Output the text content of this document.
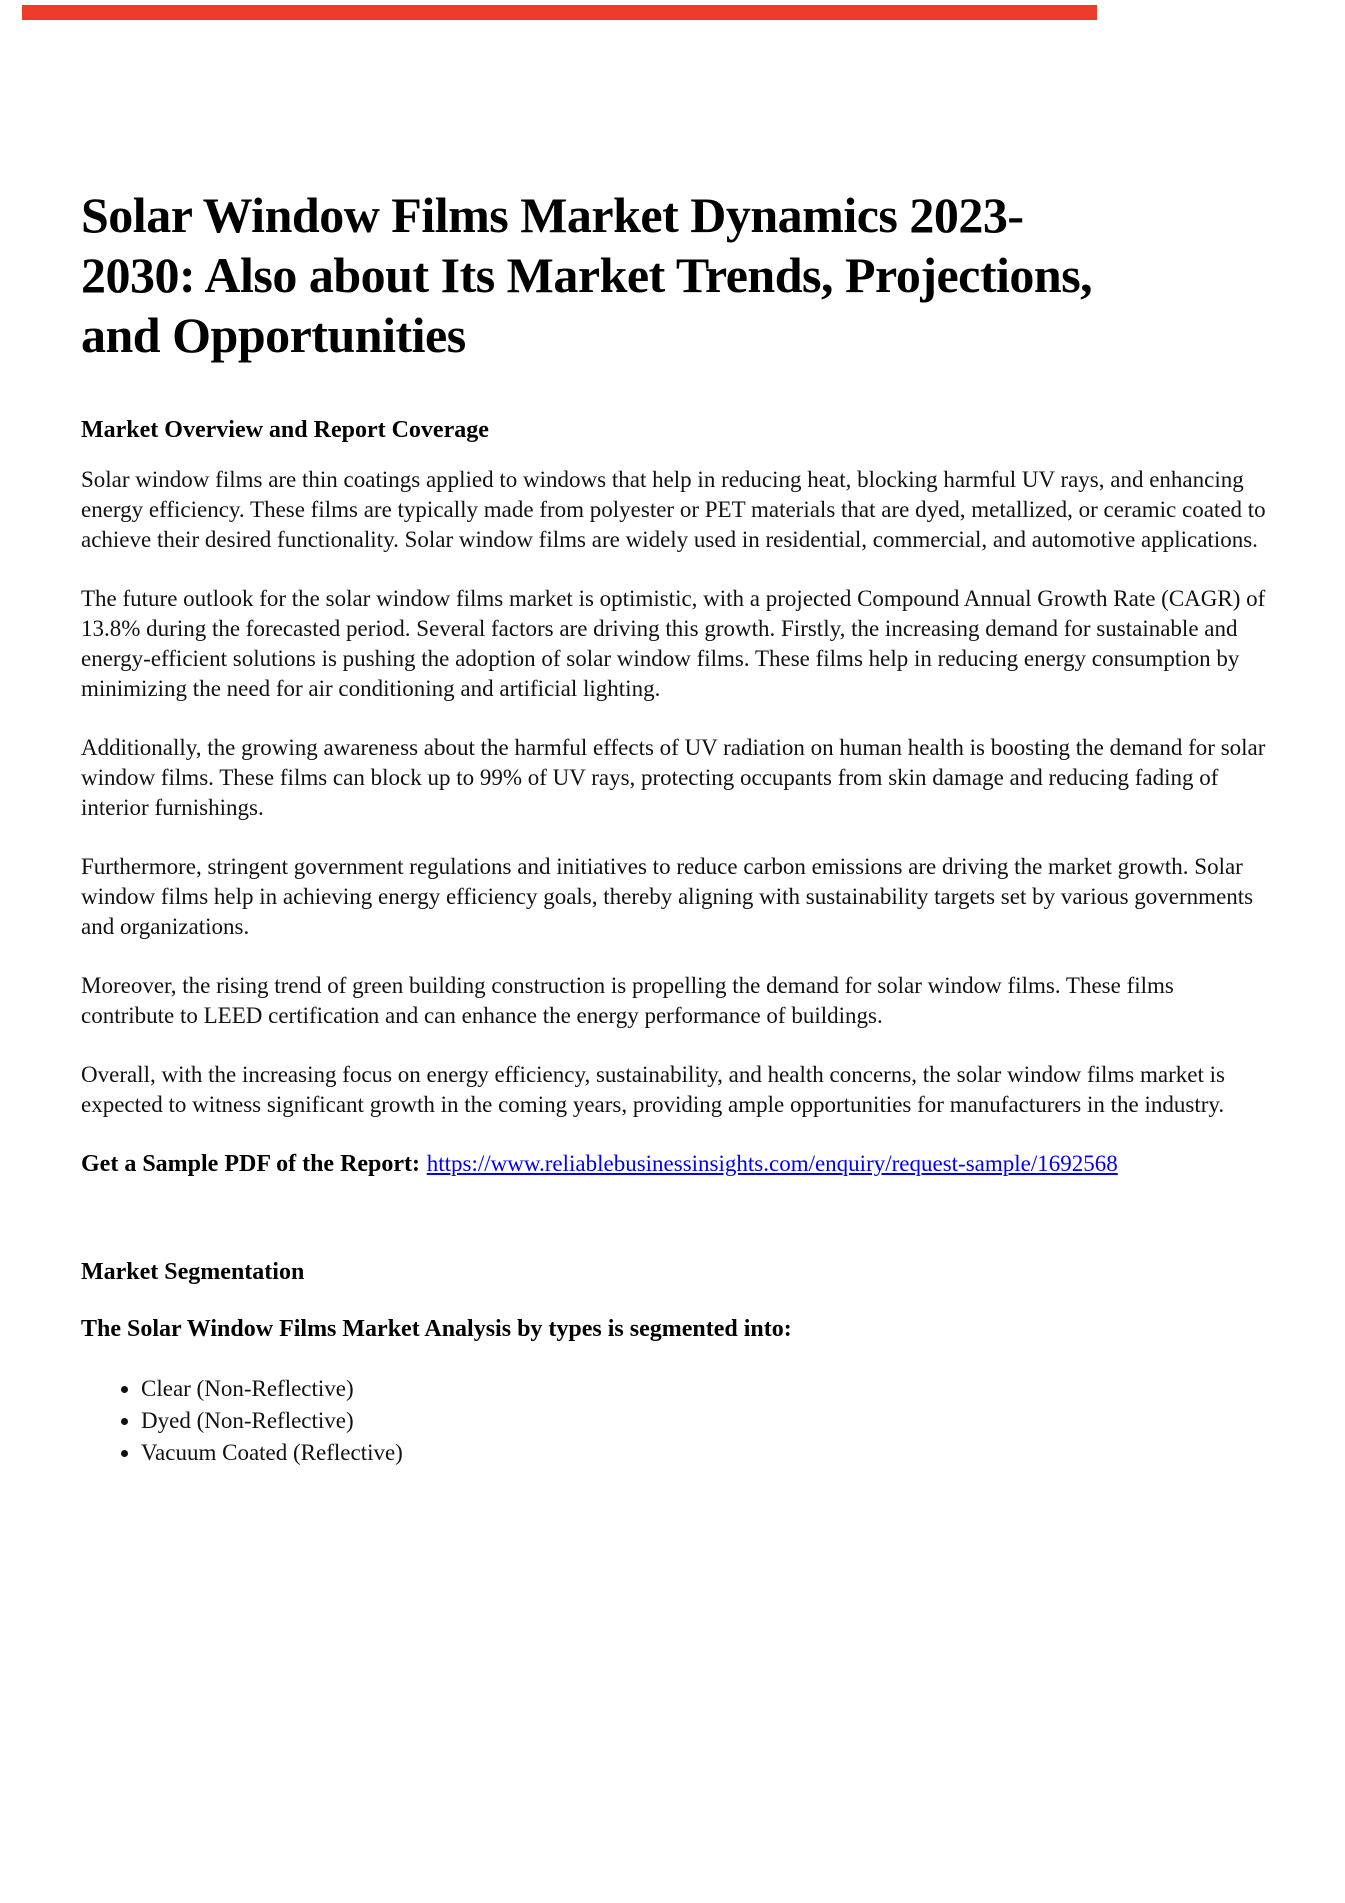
Solar Window Films Market Dynamics 2023-
2030: Also about Its Market Trends, Projections,
and Opportunities
Market Overview and Report Coverage

Solar window films are thin coatings applied to windows that help in reducing heat, blocking harmful UV rays, and enhancing energy efficiency. These films are typically made from polyester or PET materials that are dyed, metallized, or ceramic coated to achieve their desired functionality. Solar window films are widely used in residential, commercial, and automotive applications.

The future outlook for the solar window films market is optimistic, with a projected Compound Annual Growth Rate (CAGR) of 13.8% during the forecasted period. Several factors are driving this growth. Firstly, the increasing demand for sustainable and energy-efficient solutions is pushing the adoption of solar window films. These films help in reducing energy consumption by minimizing the need for air conditioning and artificial lighting.

Additionally, the growing awareness about the harmful effects of UV radiation on human health is boosting the demand for solar window films. These films can block up to 99% of UV rays, protecting occupants from skin damage and reducing fading of interior furnishings.

Furthermore, stringent government regulations and initiatives to reduce carbon emissions are driving the market growth. Solar window films help in achieving energy efficiency goals, thereby aligning with sustainability targets set by various governments and organizations.

Moreover, the rising trend of green building construction is propelling the demand for solar window films. These films contribute to LEED certification and can enhance the energy performance of buildings.

Overall, with the increasing focus on energy efficiency, sustainability, and health concerns, the solar window films market is expected to witness significant growth in the coming years, providing ample opportunities for manufacturers in the industry.

Get a Sample PDF of the Report: https://www.reliablebusinessinsights.com/enquiry/request-sample/1692568

Market Segmentation

The Solar Window Films Market Analysis by types is segmented into:

• Clear (Non-Reflective)
• Dyed (Non-Reflective)
• Vacuum Coated (Reflective)
